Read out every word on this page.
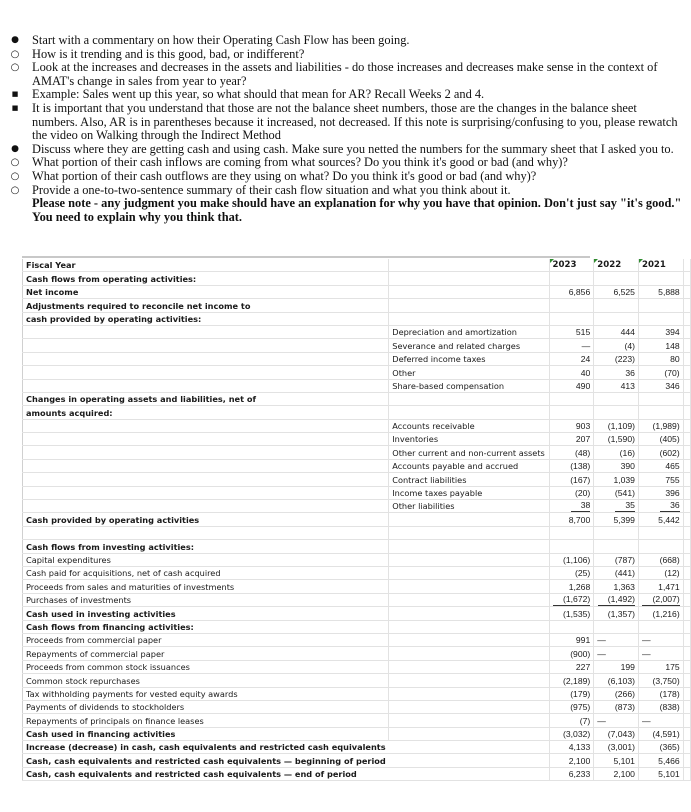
● Start with a commentary on how their Operating Cash Flow has been going.
○ How is it trending and is this good, bad, or indifferent?
○ Look at the increases and decreases in the assets and liabilities - do those increases and decreases make sense in the context of AMAT's change in sales from year to year?
■ Example: Sales went up this year, so what should that mean for AR? Recall Weeks 2 and 4.
■ It is important that you understand that those are not the balance sheet numbers, those are the changes in the balance sheet numbers. Also, AR is in parentheses because it increased, not decreased. If this note is surprising/confusing to you, please rewatch the video on Walking through the Indirect Method
● Discuss where they are getting cash and using cash. Make sure you netted the numbers for the summary sheet that I asked you to.
○ What portion of their cash inflows are coming from what sources? Do you think it's good or bad (and why)?
○ What portion of their cash outflows are they using on what? Do you think it's good or bad (and why)?
○ Provide a one-to-two-sentence summary of their cash flow situation and what you think about it.
Please note - any judgment you make should have an explanation for why you have that opinion. Don't just say "it's good." You need to explain why you think that.
Fiscal Year		2023	2022	2021	
Cash flows from operating activities:					
Net income		6,856	6,525	5,888	
Adjustments required to reconcile net income to					
cash provided by operating activities:					
	Depreciation and amortization	515	444	394	
	Severance and related charges	—	(4)	148	
	Deferred income taxes	24	(223)	80	
	Other	40	36	(70)	
	Share-based compensation	490	413	346	
Changes in operating assets and liabilities, net of					
amounts acquired:					
	Accounts receivable	903	(1,109)	(1,989)	
	Inventories	207	(1,590)	(405)	
	Other current and non-current assets	(48)	(16)	(602)	
	Accounts payable and accrued	(138)	390	465	
	Contract liabilities	(167)	1,039	755	
	Income taxes payable	(20)	(541)	396	
	Other liabilities	38	35	36	
Cash provided by operating activities		8,700	5,399	5,442	

Cash flows from investing activities:					
Capital expenditures		(1,106)	(787)	(668)	
Cash paid for acquisitions, net of cash acquired		(25)	(441)	(12)	
Proceeds from sales and maturities of investments		1,268	1,363	1,471	
Purchases of investments		(1,672)	(1,492)	(2,007)	
Cash used in investing activities		(1,535)	(1,357)	(1,216)	
Cash flows from financing activities:					
Proceeds from commercial paper		991	—	—	
Repayments of commercial paper		(900)	—	—	
Proceeds from common stock issuances		227	199	175	
Common stock repurchases		(2,189)	(6,103)	(3,750)	
Tax withholding payments for vested equity awards		(179)	(266)	(178)	
Payments of dividends to stockholders		(975)	(873)	(838)	
Repayments of principals on finance leases		(7)	—	—	
Cash used in financing activities		(3,032)	(7,043)	(4,591)	
Increase (decrease) in cash, cash equivalents and restricted cash equivalents		4,133	(3,001)	(365)	
Cash, cash equivalents and restricted cash equivalents — beginning of period		2,100	5,101	5,466	
Cash, cash equivalents and restricted cash equivalents — end of period		6,233	2,100	5,101	
